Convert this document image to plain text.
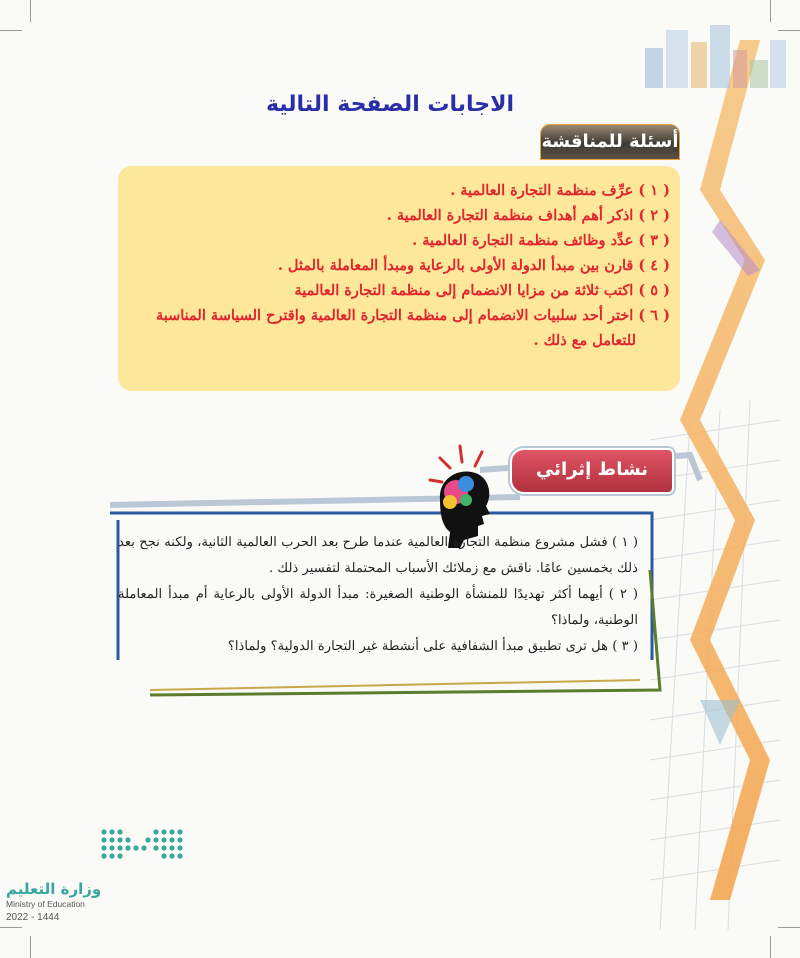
الاجابات الصفحة التالية
أسئلة للمناقشة
( ١ ) عرِّف منظمة التجارة العالمية .
( ٢ ) اذكر أهم أهداف منظمة التجارة العالمية .
( ٣ ) عدِّد وظائف منظمة التجارة العالمية .
( ٤ ) قارن بين مبدأ الدولة الأولى بالرعاية ومبدأ المعاملة بالمثل .
( ٥ ) اكتب ثلاثة من مزايا الانضمام إلى منظمة التجارة العالمية
( ٦ ) اختر أحد سلبيات الانضمام إلى منظمة التجارة العالمية واقترح السياسة المناسبة
للتعامل مع ذلك .
نشاط إثرائي

( ١ ) فشل مشروع منظمة التجارة العالمية عندما طرح بعد الحرب العالمية الثانية، ولكنه نجح بعد ذلك بخمسين عامًا. ناقش مع زملائك الأسباب المحتملة لتفسير ذلك .

( ٢ ) أيهما أكثر تهديدًا للمنشأة الوطنية الصغيرة: مبدأ الدولة الأولى بالرعاية أم مبدأ المعاملة الوطنية، ولماذا؟

( ٣ ) هل ترى تطبيق مبدأ الشفافية على أنشطة غير التجارة الدولية؟ ولماذا؟

وزارة التعليم
Ministry of Education
2022 - 1444
